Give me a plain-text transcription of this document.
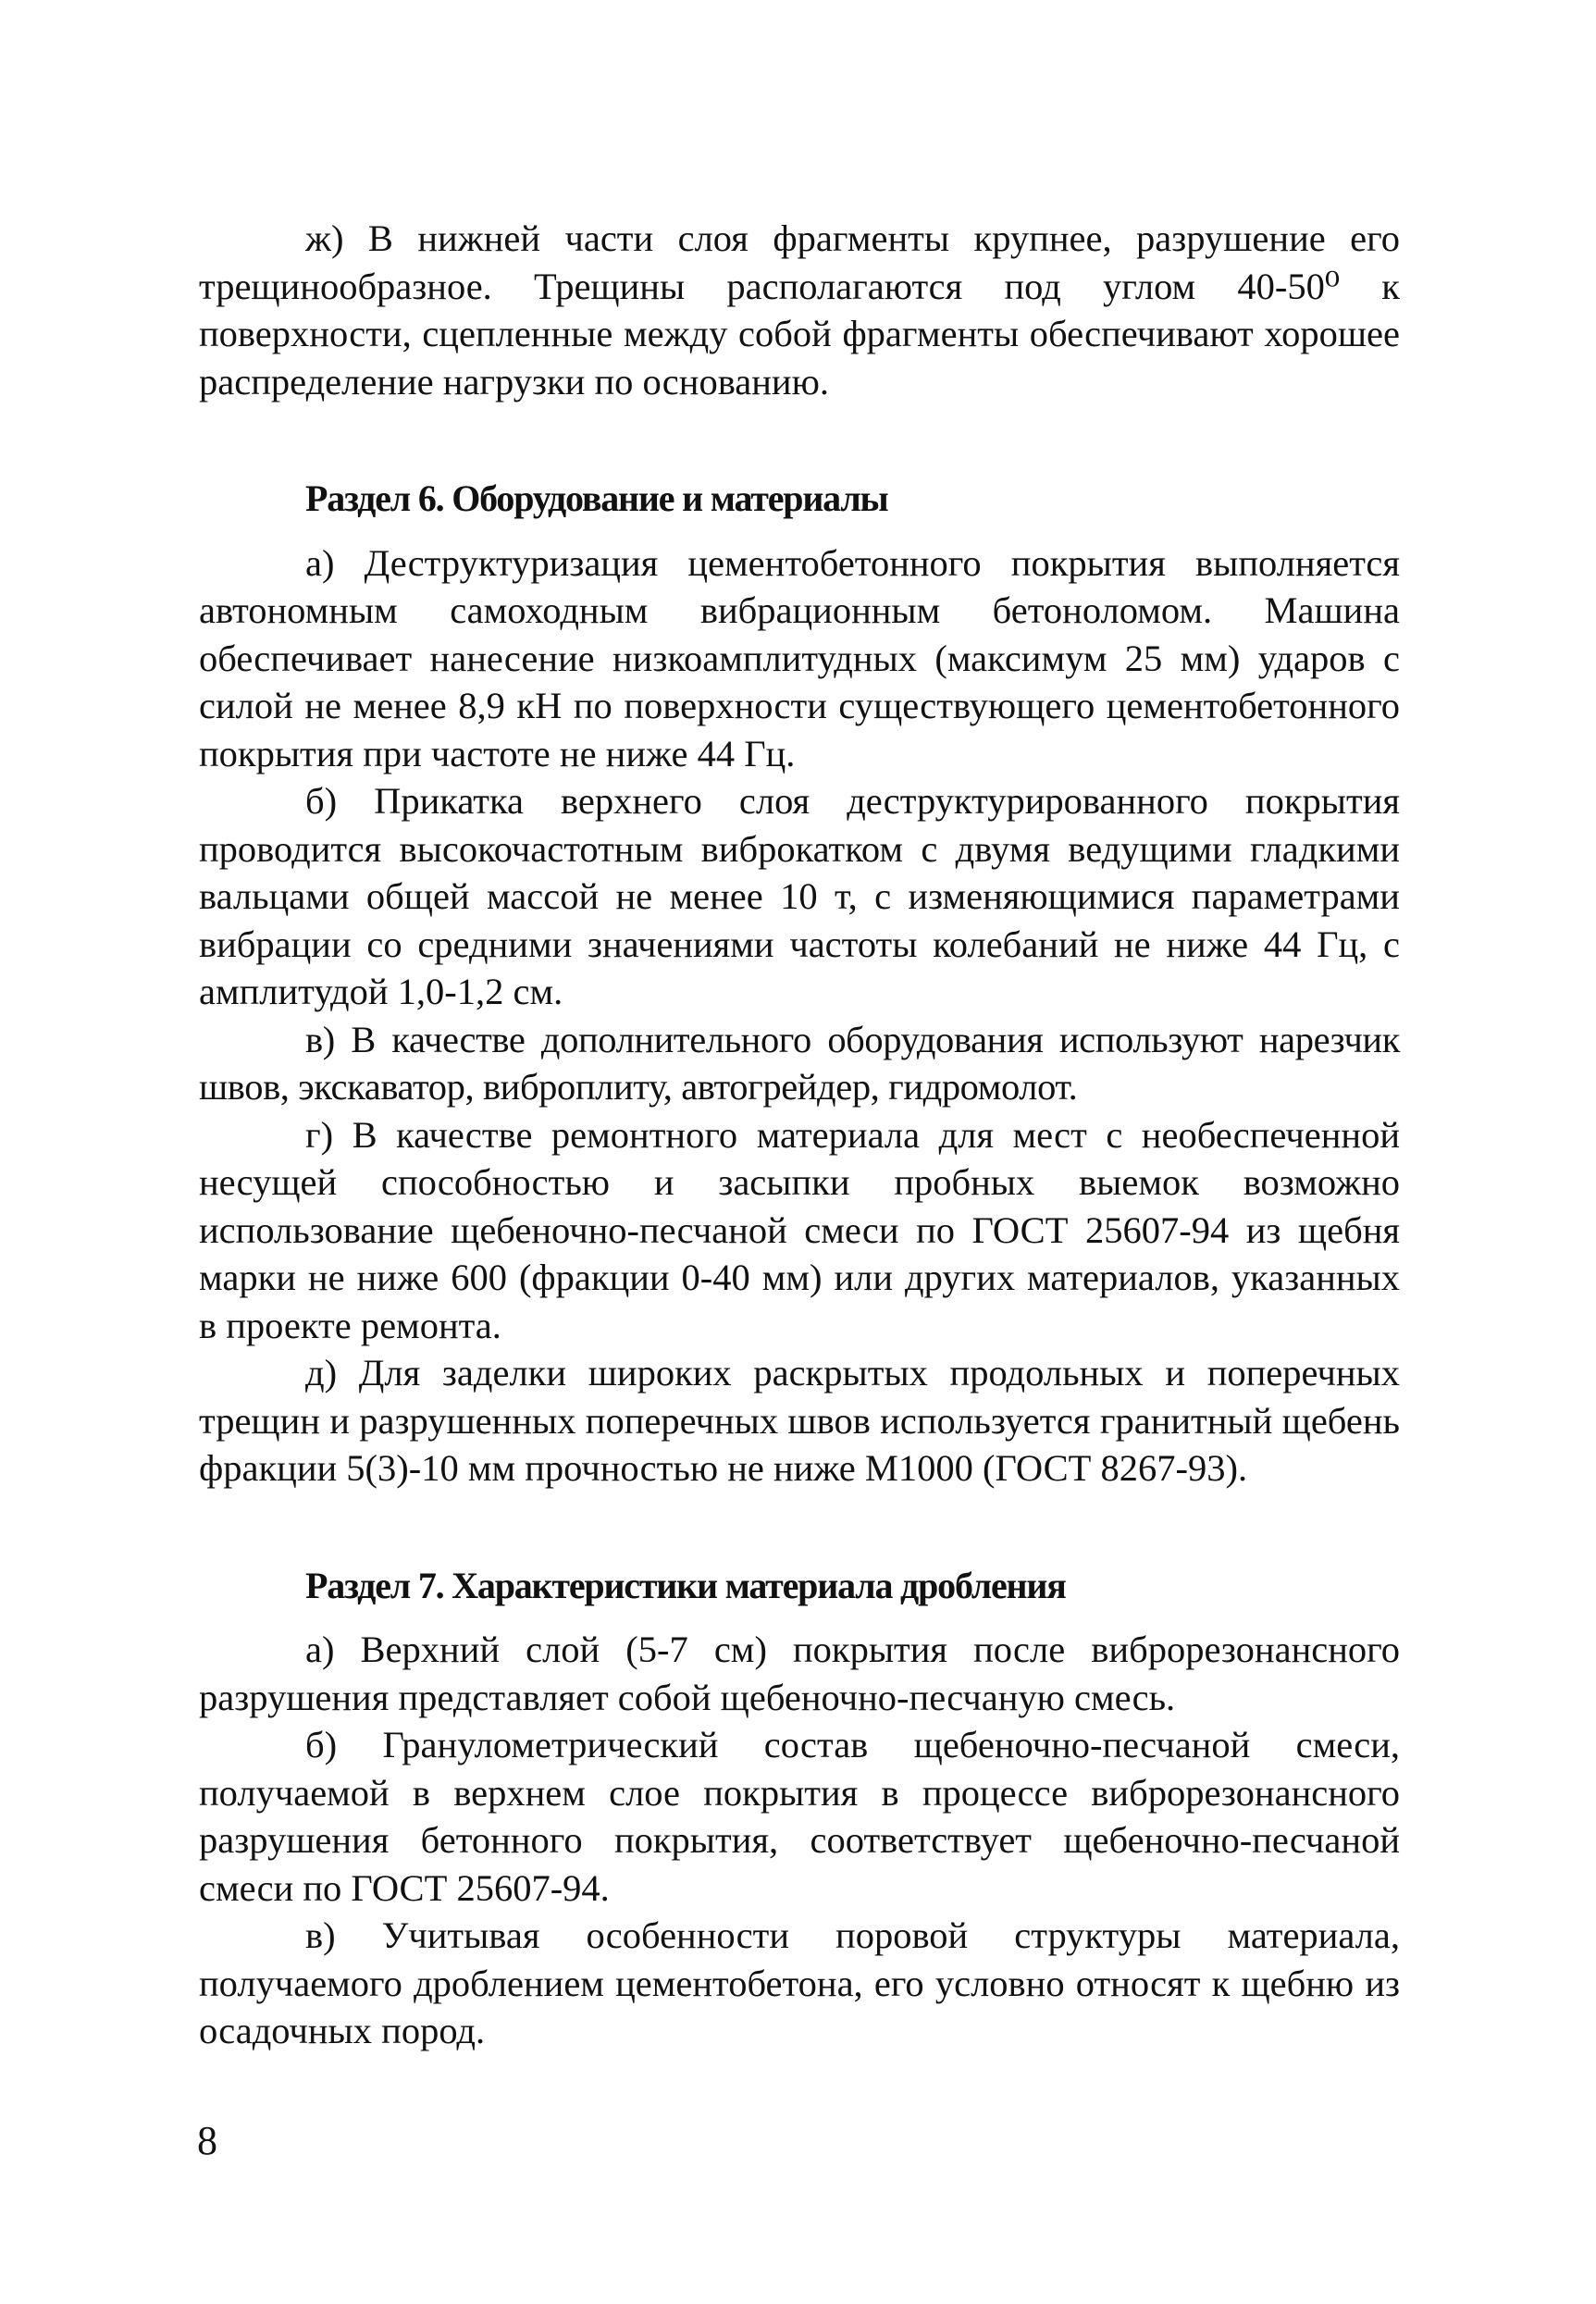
ж) В нижней части слоя фрагменты крупнее, разрушение его трещинообразное. Трещины располагаются под углом 40-50⁰ к поверхности, сцепленные между собой фрагменты обеспечивают хорошее распределение нагрузки по основанию.

Раздел 6. Оборудование и материалы

а) Деструктуризация цементобетонного покрытия выполняется автономным самоходным вибрационным бетоноломом. Машина обеспечивает нанесение низкоамплитудных (максимум 25 мм) ударов с силой не менее 8,9 кН по поверхности существующего цементобетонного покрытия при частоте не ниже 44 Гц.

б) Прикатка верхнего слоя деструктурированного покрытия проводится высокочастотным виброкатком с двумя ведущими гладкими вальцами общей массой не менее 10 т, с изменяющимися параметрами вибрации со средними значениями частоты колебаний не ниже 44 Гц, с амплитудой 1,0-1,2 см.

в) В качестве дополнительного оборудования используют нарезчик швов, экскаватор, виброплиту, автогрейдер, гидромолот.

г) В качестве ремонтного материала для мест с необеспеченной несущей способностью и засыпки пробных выемок возможно использование щебеночно-песчаной смеси по ГОСТ 25607-94 из щебня марки не ниже 600 (фракции 0-40 мм) или других материалов, указанных в проекте ремонта.

д) Для заделки широких раскрытых продольных и поперечных трещин и разрушенных поперечных швов используется гранитный щебень фракции 5(3)-10 мм прочностью не ниже М1000 (ГОСТ 8267-93).

Раздел 7. Характеристики материала дробления

а) Верхний слой (5-7 см) покрытия после виброрезонансного разрушения представляет собой щебеночно-песчаную смесь.

б) Гранулометрический состав щебеночно-песчаной смеси, получаемой в верхнем слое покрытия в процессе виброрезонансного разрушения бетонного покрытия, соответствует щебеночно-песчаной смеси по ГОСТ 25607-94.

в) Учитывая особенности поровой структуры материала, получаемого дроблением цементобетона, его условно относят к щебню из осадочных пород.

8
